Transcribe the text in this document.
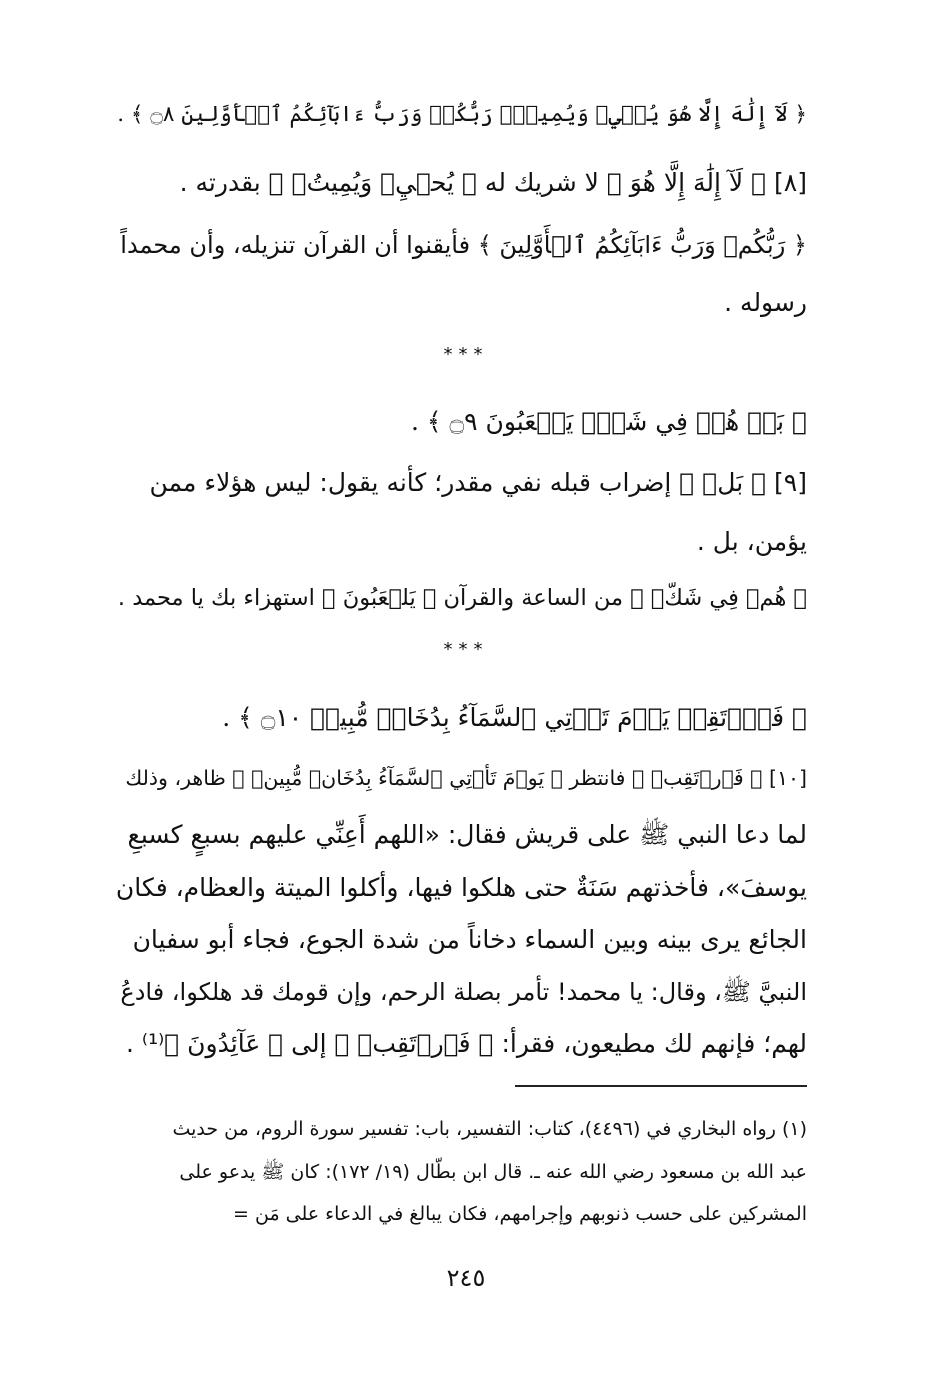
﴿ لَآ إِلَٰهَ إِلَّا هُوَ يُحۡيِۦ وَيُمِيتُۖ رَبُّكُمۡ وَرَبُّ ءَابَآئِكُمُ ٱلۡأَوَّلِينَ ۝٨ ﴾ .
[٨] ﴿ لَآ إِلَٰهَ إِلَّا هُوَ ﴾ لا شريك له ﴿ يُحۡيِۦ وَيُمِيتُۖ ﴾ بقدرته .
﴿ رَبُّكُمۡ وَرَبُّ ءَابَآئِكُمُ ٱلۡأَوَّلِينَ ﴾ فأيقنوا أن القرآن تنزيله، وأن محمداً
رسوله .
***
﴿ بَلۡ هُمۡ فِي شَكّٖ يَلۡعَبُونَ ۝٩ ﴾ .
[٩] ﴿ بَلۡ ﴾ إضراب قبله نفي مقدر؛ كأنه يقول: ليس هؤلاء ممن
يؤمن، بل .
﴿ هُمۡ فِي شَكّٖ ﴾ من الساعة والقرآن ﴿ يَلۡعَبُونَ ﴾ استهزاء بك يا محمد .
***
﴿ فَٱرۡتَقِبۡ يَوۡمَ تَأۡتِي ٱلسَّمَآءُ بِدُخَانٖ مُّبِينٖ ۝١٠ ﴾ .
[١٠] ﴿ فَٱرۡتَقِبۡ ﴾ فانتظر ﴿ يَوۡمَ تَأۡتِي ٱلسَّمَآءُ بِدُخَانٖ مُّبِينٖ ﴾ ظاهر، وذلك
لما دعا النبي ﷺ على قريش فقال: «اللهم أَعِنِّي عليهم بسبعٍ كسبعِ
يوسفَ»، فأخذتهم سَنَةٌ حتى هلكوا فيها، وأكلوا الميتة والعظام، فكان
الجائع يرى بينه وبين السماء دخاناً من شدة الجوع، فجاء أبو سفيان
النبيَّ ﷺ، وقال: يا محمد! تأمر بصلة الرحم، وإن قومك قد هلكوا، فادعُ
لهم؛ فإنهم لك مطيعون، فقرأ: ﴿ فَٱرۡتَقِبۡ ﴾ إلى ﴿ عَآئِدُونَ ﴾⁽¹⁾ .
(١) رواه البخاري في (٤٤٩٦)، كتاب: التفسير، باب: تفسير سورة الروم، من حديث
عبد الله بن مسعود رضي الله عنه ـ. قال ابن بطّال (١٩/ ١٧٢): كان ﷺ يدعو على
المشركين على حسب ذنوبهم وإجرامهم، فكان يبالغ في الدعاء على مَن =
٢٤٥
